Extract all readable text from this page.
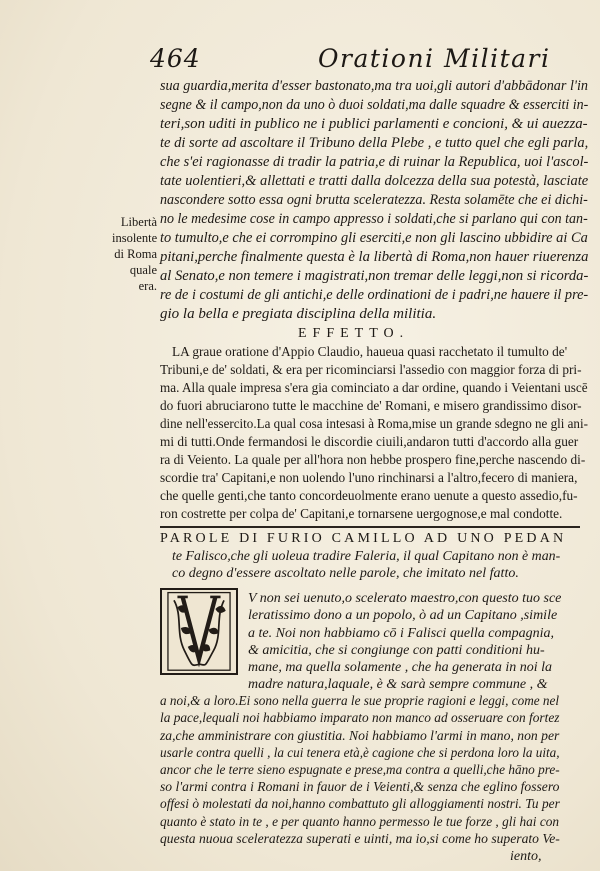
464	Orationi Militari
Libertà
insolente
di Roma
quale era.
sua guardia,merita d'esser bastonato,ma tra uoi,gli autori d'abbādonar l'in
segne & il campo,non da uno ò duoi soldati,ma dalle squadre & esserciti in-
teri,son uditi in publico ne i publici parlamenti e concioni, & ui auezza-
te di sorte ad ascoltare il Tribuno della Plebe , e tutto quel che egli parla,
che s'ei ragionasse di tradir la patria,e di ruinar la Republica, uoi l'ascol-
tate uolentieri,& allettati e tratti dalla dolcezza della sua potestà, lasciate
nascondere sotto essa ogni brutta sceleratezza. Resta solamēte che ei dichi-
no le medesime cose in campo appresso i soldati,che si parlano qui con tan-
to tumulto,e che ei corrompino gli eserciti,e non gli lascino ubbidire ai Ca
pitani,perche finalmente questa è la libertà di Roma,non hauer riuerenza
al Senato,e non temere i magistrati,non tremar delle leggi,non si ricorda-
re de i costumi de gli antichi,e delle ordinationi de i padri,ne hauere il pre-
gio la bella e pregiata disciplina della militia.
EFFETTO.
LA graue oratione d'Appio Claudio, haueua quasi racchetato il tumulto de'
Tribuni,e de' soldati, & era per ricominciarsi l'assedio con maggior forza di pri-
ma. Alla quale impresa s'era gia cominciato a dar ordine, quando i Veientani uscē
do fuori abruciarono tutte le macchine de' Romani, e misero grandissimo disor-
dine nell'essercito.La qual cosa intesasi à Roma,mise un grande sdegno ne gli ani-
mi di tutti.Onde fermandosi le discordie ciuili,andaron tutti d'accordo alla guer
ra di Veiento. La quale per all'hora non hebbe prospero fine,perche nascendo di-
scordie tra' Capitani,e non uolendo l'uno rinchinarsi a l'altro,fecero di maniera,
che quelle genti,che tanto concordeuolmente erano uenute a questo assedio,fu-
ron costrette per colpa de' Capitani,e tornarsene uergognose,e mal condotte.
PAROLE DI FURIO CAMILLO AD UNO PEDAN
te Falisco,che gli uoleua tradire Faleria, il qual Capitano non è man-
co degno d'essere ascoltato nelle parole, che imitato nel fatto.
V non sei uenuto,o scelerato maestro,con questo tuo sce
leratissimo dono a un popolo, ò ad un Capitano ,simile
a te. Noi non habbiamo cō i Falisci quella compagnia,
& amicitia, che si congiunge con patti conditioni hu-
mane, ma quella solamente , che ha generata in noi la
madre natura,laquale, è & sarà sempre commune , &
a noi,& a loro.Ei sono nella guerra le sue proprie ragioni e leggi, come nel
la pace,lequali noi habbiamo imparato non manco ad osseruare con fortez
za,che amministrare con giustitia. Noi habbiamo l'armi in mano, non per
usarle contra quelli , la cui tenera età,è cagione che si perdona loro la uita,
ancor che le terre sieno espugnate e prese,ma contra a quelli,che hāno pre-
so l'armi contra i Romani in fauor de i Veienti,& senza che eglino fossero
offesi ò molestati da noi,hanno combattuto gli alloggiamenti nostri. Tu per
quanto è stato in te , e per quanto hanno permesso le tue forze , gli hai con
questa nuoua sceleratezza superati e uinti, ma io,si come ho superato Ve-
iento,
